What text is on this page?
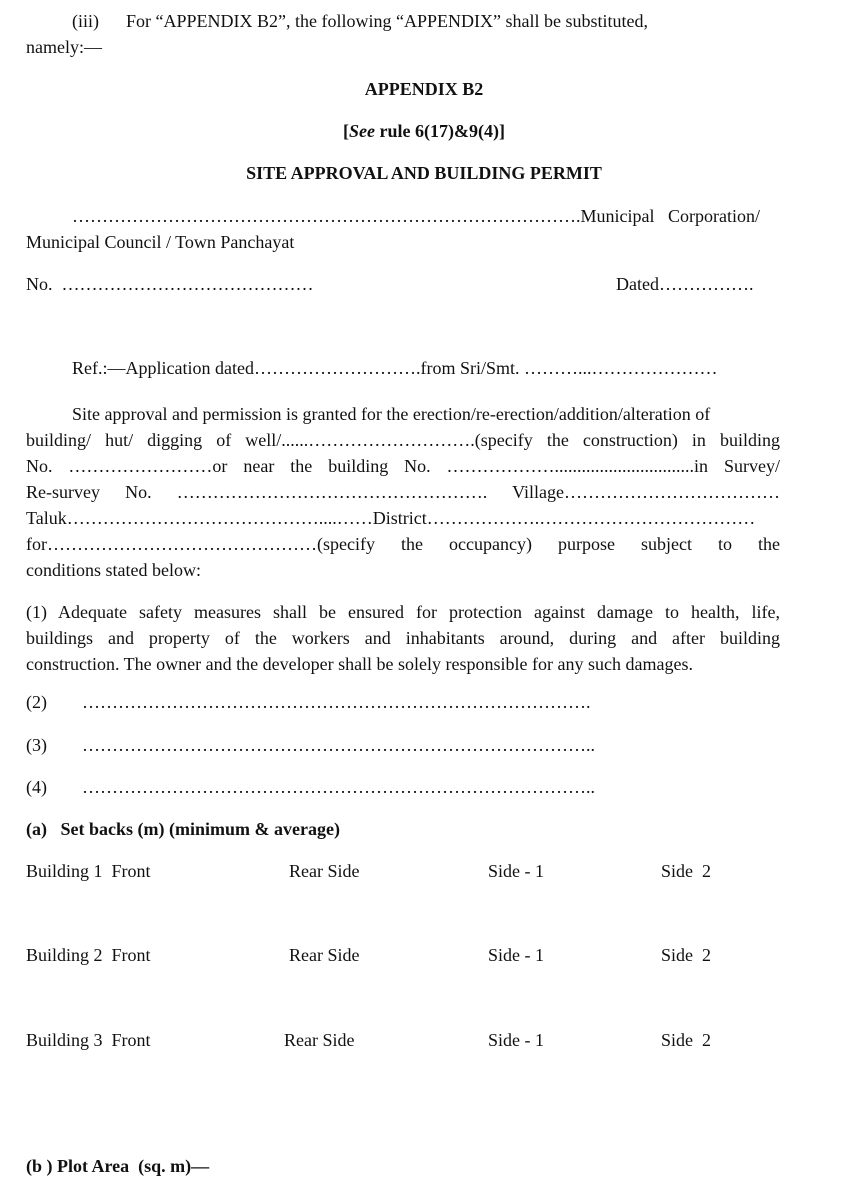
(iii)      For “APPENDIX B2”, the following “APPENDIX” shall be substituted,
namely:—
APPENDIX B2
[See rule 6(17)&9(4)]
SITE APPROVAL AND BUILDING PERMIT
………………………………………………………………………….Municipal   Corporation/
Municipal Council / Town Panchayat
No.  ……………………………………	Dated…………….
Ref.:—Application dated……………………….from Sri/Smt. ………...…………………
Site approval and permission is granted for the erection/re-erection/addition/alteration of
building/ hut/ digging of well/......……………………….(specify the construction) in building
No. ……………………or near the building No. ………………...............................in Survey/
Re-survey No. ……………………………………………. Village………………………………
Taluk……………………………………....……District……………….………………………………
for………………………………………(specify the occupancy) purpose subject to the
conditions stated below:
(1) Adequate safety measures shall be ensured for protection against damage to health, life,
buildings and property of the workers and inhabitants around, during and after building
construction. The owner and the developer shall be solely responsible for any such damages.
(2) ………………………………………………………………………….
(3) …………………………………………………………………………..
(4) …………………………………………………………………………..
(a)   Set backs (m) (minimum & average)
Building 1  Front	Rear Side	Side - 1	Side  2
Building 2  Front	Rear Side	Side - 1	Side  2
Building 3  Front	Rear Side	Side - 1	Side  2
(b ) Plot Area  (sq. m)—
